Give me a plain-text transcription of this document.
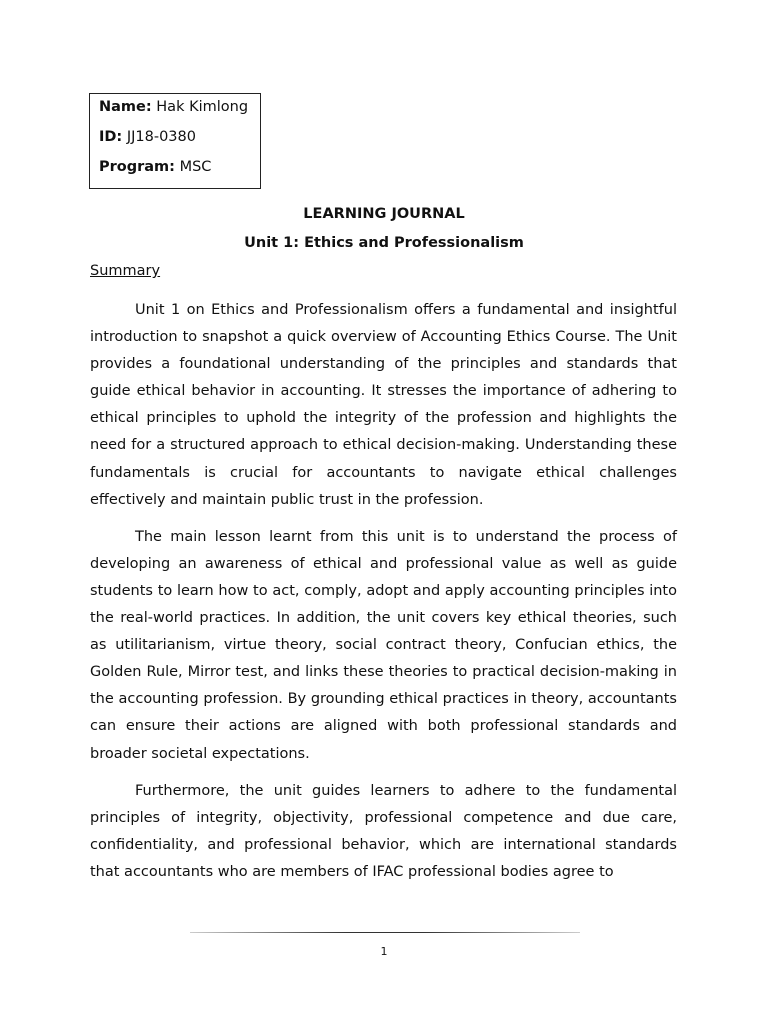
Name: Hak Kimlong
ID: JJ18-0380
Program: MSC
LEARNING JOURNAL
Unit 1: Ethics and Professionalism
Summary

Unit 1 on Ethics and Professionalism offers a fundamental and insightful introduction to snapshot a quick overview of Accounting Ethics Course. The Unit provides a foundational understanding of the principles and standards that guide ethical behavior in accounting. It stresses the importance of adhering to ethical principles to uphold the integrity of the profession and highlights the need for a structured approach to ethical decision-making. Understanding these fundamentals is crucial for accountants to navigate ethical challenges effectively and maintain public trust in the profession.

The main lesson learnt from this unit is to understand the process of developing an awareness of ethical and professional value as well as guide students to learn how to act, comply, adopt and apply accounting principles into the real-world practices. In addition, the unit covers key ethical theories, such as utilitarianism, virtue theory, social contract theory, Confucian ethics, the Golden Rule, Mirror test, and links these theories to practical decision-making in the accounting profession. By grounding ethical practices in theory, accountants can ensure their actions are aligned with both professional standards and broader societal expectations.

Furthermore, the unit guides learners to adhere to the fundamental principles of integrity, objectivity, professional competence and due care, confidentiality, and professional behavior, which are international standards that accountants who are members of IFAC professional bodies agree to

1
